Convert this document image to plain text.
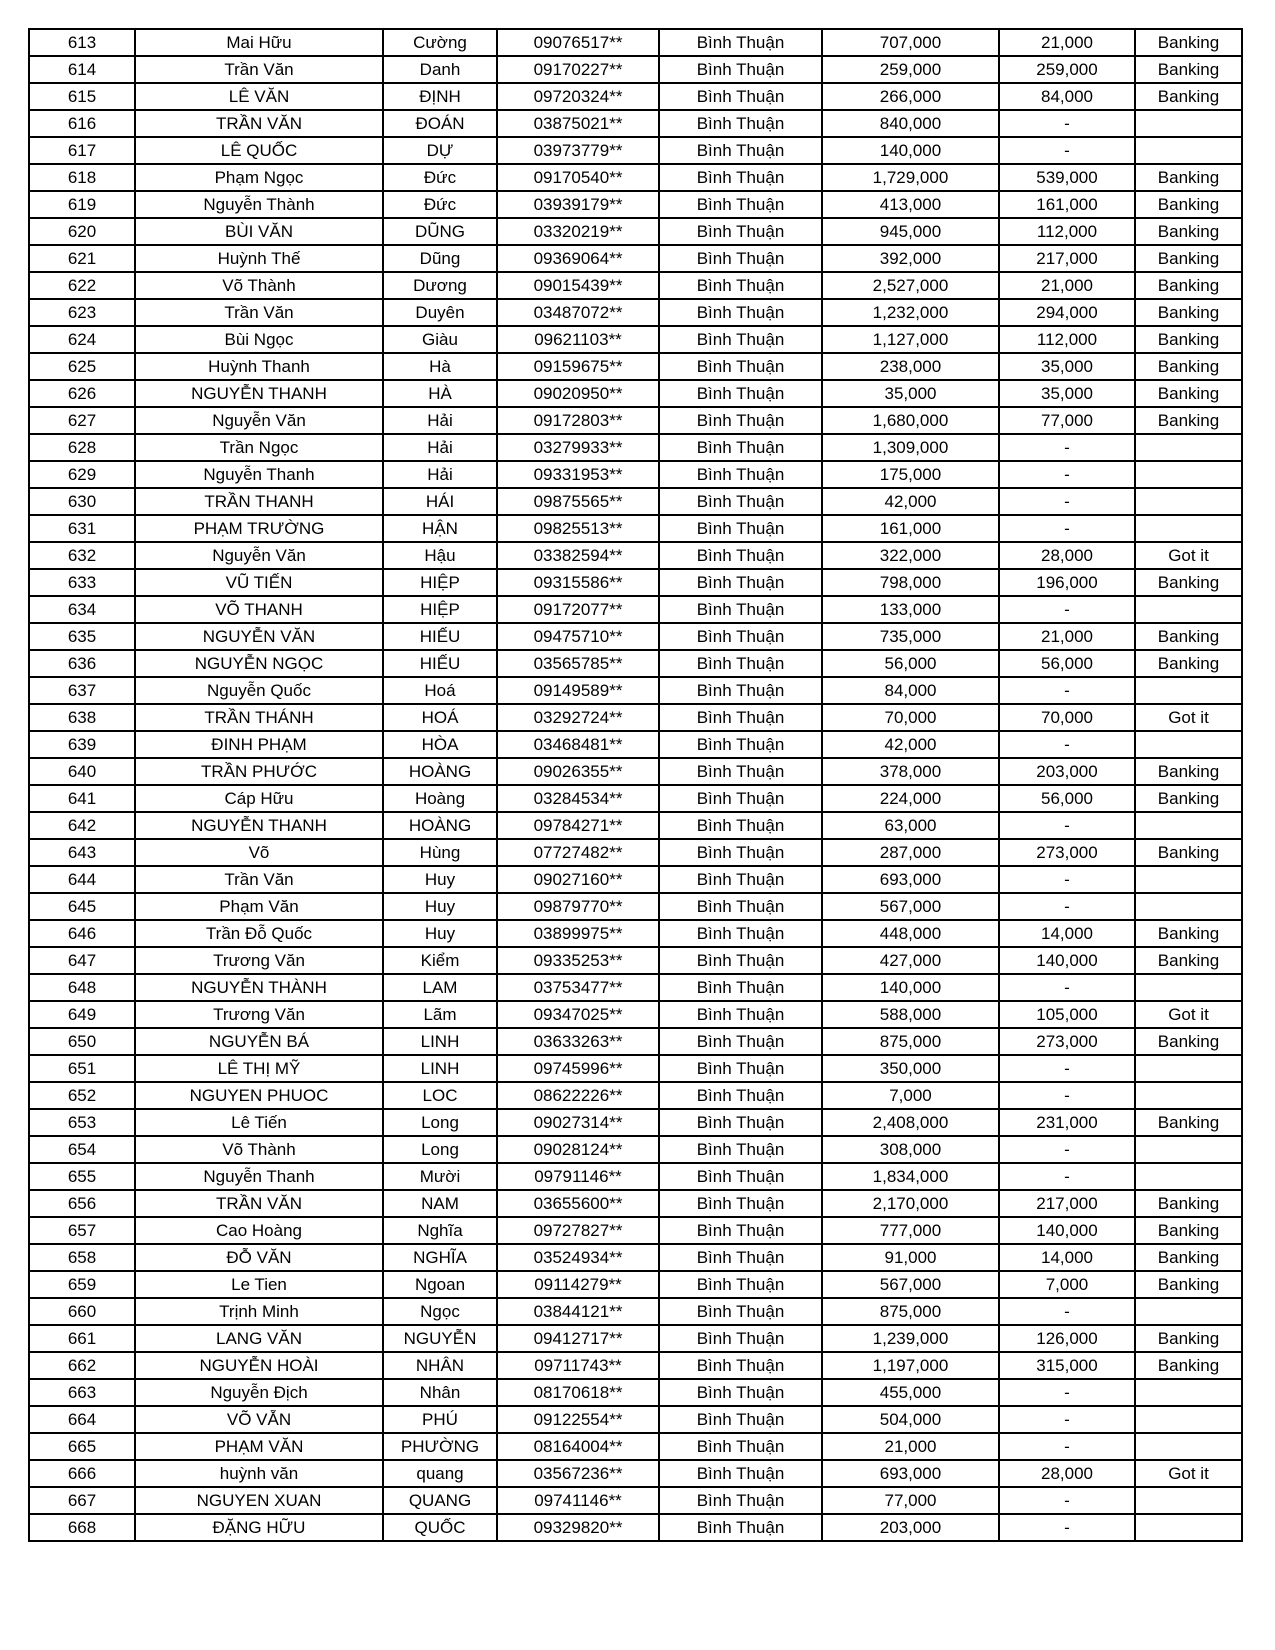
613	Mai Hữu	Cường	09076517**	Bình Thuận	707,000	21,000	Banking
614	Trần Văn	Danh	09170227**	Bình Thuận	259,000	259,000	Banking
615	LÊ VĂN	ĐỊNH	09720324**	Bình Thuận	266,000	84,000	Banking
616	TRẦN VĂN	ĐOÁN	03875021**	Bình Thuận	840,000	-	
617	LÊ QUỐC	DỰ	03973779**	Bình Thuận	140,000	-	
618	Phạm Ngọc	Đức	09170540**	Bình Thuận	1,729,000	539,000	Banking
619	Nguyễn Thành	Đức	03939179**	Bình Thuận	413,000	161,000	Banking
620	BÙI VĂN	DŨNG	03320219**	Bình Thuận	945,000	112,000	Banking
621	Huỳnh Thế	Dũng	09369064**	Bình Thuận	392,000	217,000	Banking
622	Võ Thành	Dương	09015439**	Bình Thuận	2,527,000	21,000	Banking
623	Trần Văn	Duyên	03487072**	Bình Thuận	1,232,000	294,000	Banking
624	Bùi Ngọc	Giàu	09621103**	Bình Thuận	1,127,000	112,000	Banking
625	Huỳnh Thanh	Hà	09159675**	Bình Thuận	238,000	35,000	Banking
626	NGUYỄN THANH	HÀ	09020950**	Bình Thuận	35,000	35,000	Banking
627	Nguyễn Văn	Hải	09172803**	Bình Thuận	1,680,000	77,000	Banking
628	Trần Ngọc	Hải	03279933**	Bình Thuận	1,309,000	-	
629	Nguyễn Thanh	Hải	09331953**	Bình Thuận	175,000	-	
630	TRẦN THANH	HÁI	09875565**	Bình Thuận	42,000	-	
631	PHẠM TRƯỜNG	HẬN	09825513**	Bình Thuận	161,000	-	
632	Nguyễn Văn	Hậu	03382594**	Bình Thuận	322,000	28,000	Got it
633	VŨ TIẾN	HIỆP	09315586**	Bình Thuận	798,000	196,000	Banking
634	VÕ THANH	HIỆP	09172077**	Bình Thuận	133,000	-	
635	NGUYỄN VĂN	HIẾU	09475710**	Bình Thuận	735,000	21,000	Banking
636	NGUYỄN NGỌC	HIẾU	03565785**	Bình Thuận	56,000	56,000	Banking
637	Nguyễn Quốc	Hoá	09149589**	Bình Thuận	84,000	-	
638	TRẦN THÁNH	HOÁ	03292724**	Bình Thuận	70,000	70,000	Got it
639	ĐINH PHẠM	HÒA	03468481**	Bình Thuận	42,000	-	
640	TRẦN PHƯỚC	HOÀNG	09026355**	Bình Thuận	378,000	203,000	Banking
641	Cáp Hữu	Hoàng	03284534**	Bình Thuận	224,000	56,000	Banking
642	NGUYỄN THANH	HOÀNG	09784271**	Bình Thuận	63,000	-	
643	Võ	Hùng	07727482**	Bình Thuận	287,000	273,000	Banking
644	Trần Văn	Huy	09027160**	Bình Thuận	693,000	-	
645	Phạm Văn	Huy	09879770**	Bình Thuận	567,000	-	
646	Trần Đỗ Quốc	Huy	03899975**	Bình Thuận	448,000	14,000	Banking
647	Trương Văn	Kiểm	09335253**	Bình Thuận	427,000	140,000	Banking
648	NGUYỄN THÀNH	LAM	03753477**	Bình Thuận	140,000	-	
649	Trương Văn	Lãm	09347025**	Bình Thuận	588,000	105,000	Got it
650	NGUYỄN BÁ	LINH	03633263**	Bình Thuận	875,000	273,000	Banking
651	LÊ THỊ MỸ	LINH	09745996**	Bình Thuận	350,000	-	
652	NGUYEN PHUOC	LOC	08622226**	Bình Thuận	7,000	-	
653	Lê Tiến	Long	09027314**	Bình Thuận	2,408,000	231,000	Banking
654	Võ Thành	Long	09028124**	Bình Thuận	308,000	-	
655	Nguyễn Thanh	Mười	09791146**	Bình Thuận	1,834,000	-	
656	TRẦN VĂN	NAM	03655600**	Bình Thuận	2,170,000	217,000	Banking
657	Cao Hoàng	Nghĩa	09727827**	Bình Thuận	777,000	140,000	Banking
658	ĐỖ VĂN	NGHĨA	03524934**	Bình Thuận	91,000	14,000	Banking
659	Le Tien	Ngoan	09114279**	Bình Thuận	567,000	7,000	Banking
660	Trịnh Minh	Ngọc	03844121**	Bình Thuận	875,000	-	
661	LANG VĂN	NGUYỄN	09412717**	Bình Thuận	1,239,000	126,000	Banking
662	NGUYỄN HOÀI	NHÂN	09711743**	Bình Thuận	1,197,000	315,000	Banking
663	Nguyễn Địch	Nhân	08170618**	Bình Thuận	455,000	-	
664	VÕ VẴN	PHÚ	09122554**	Bình Thuận	504,000	-	
665	PHẠM VĂN	PHƯỜNG	08164004**	Bình Thuận	21,000	-	
666	huỳnh văn	quang	03567236**	Bình Thuận	693,000	28,000	Got it
667	NGUYEN XUAN	QUANG	09741146**	Bình Thuận	77,000	-	
668	ĐẶNG HỮU	QUỐC	09329820**	Bình Thuận	203,000	-	
